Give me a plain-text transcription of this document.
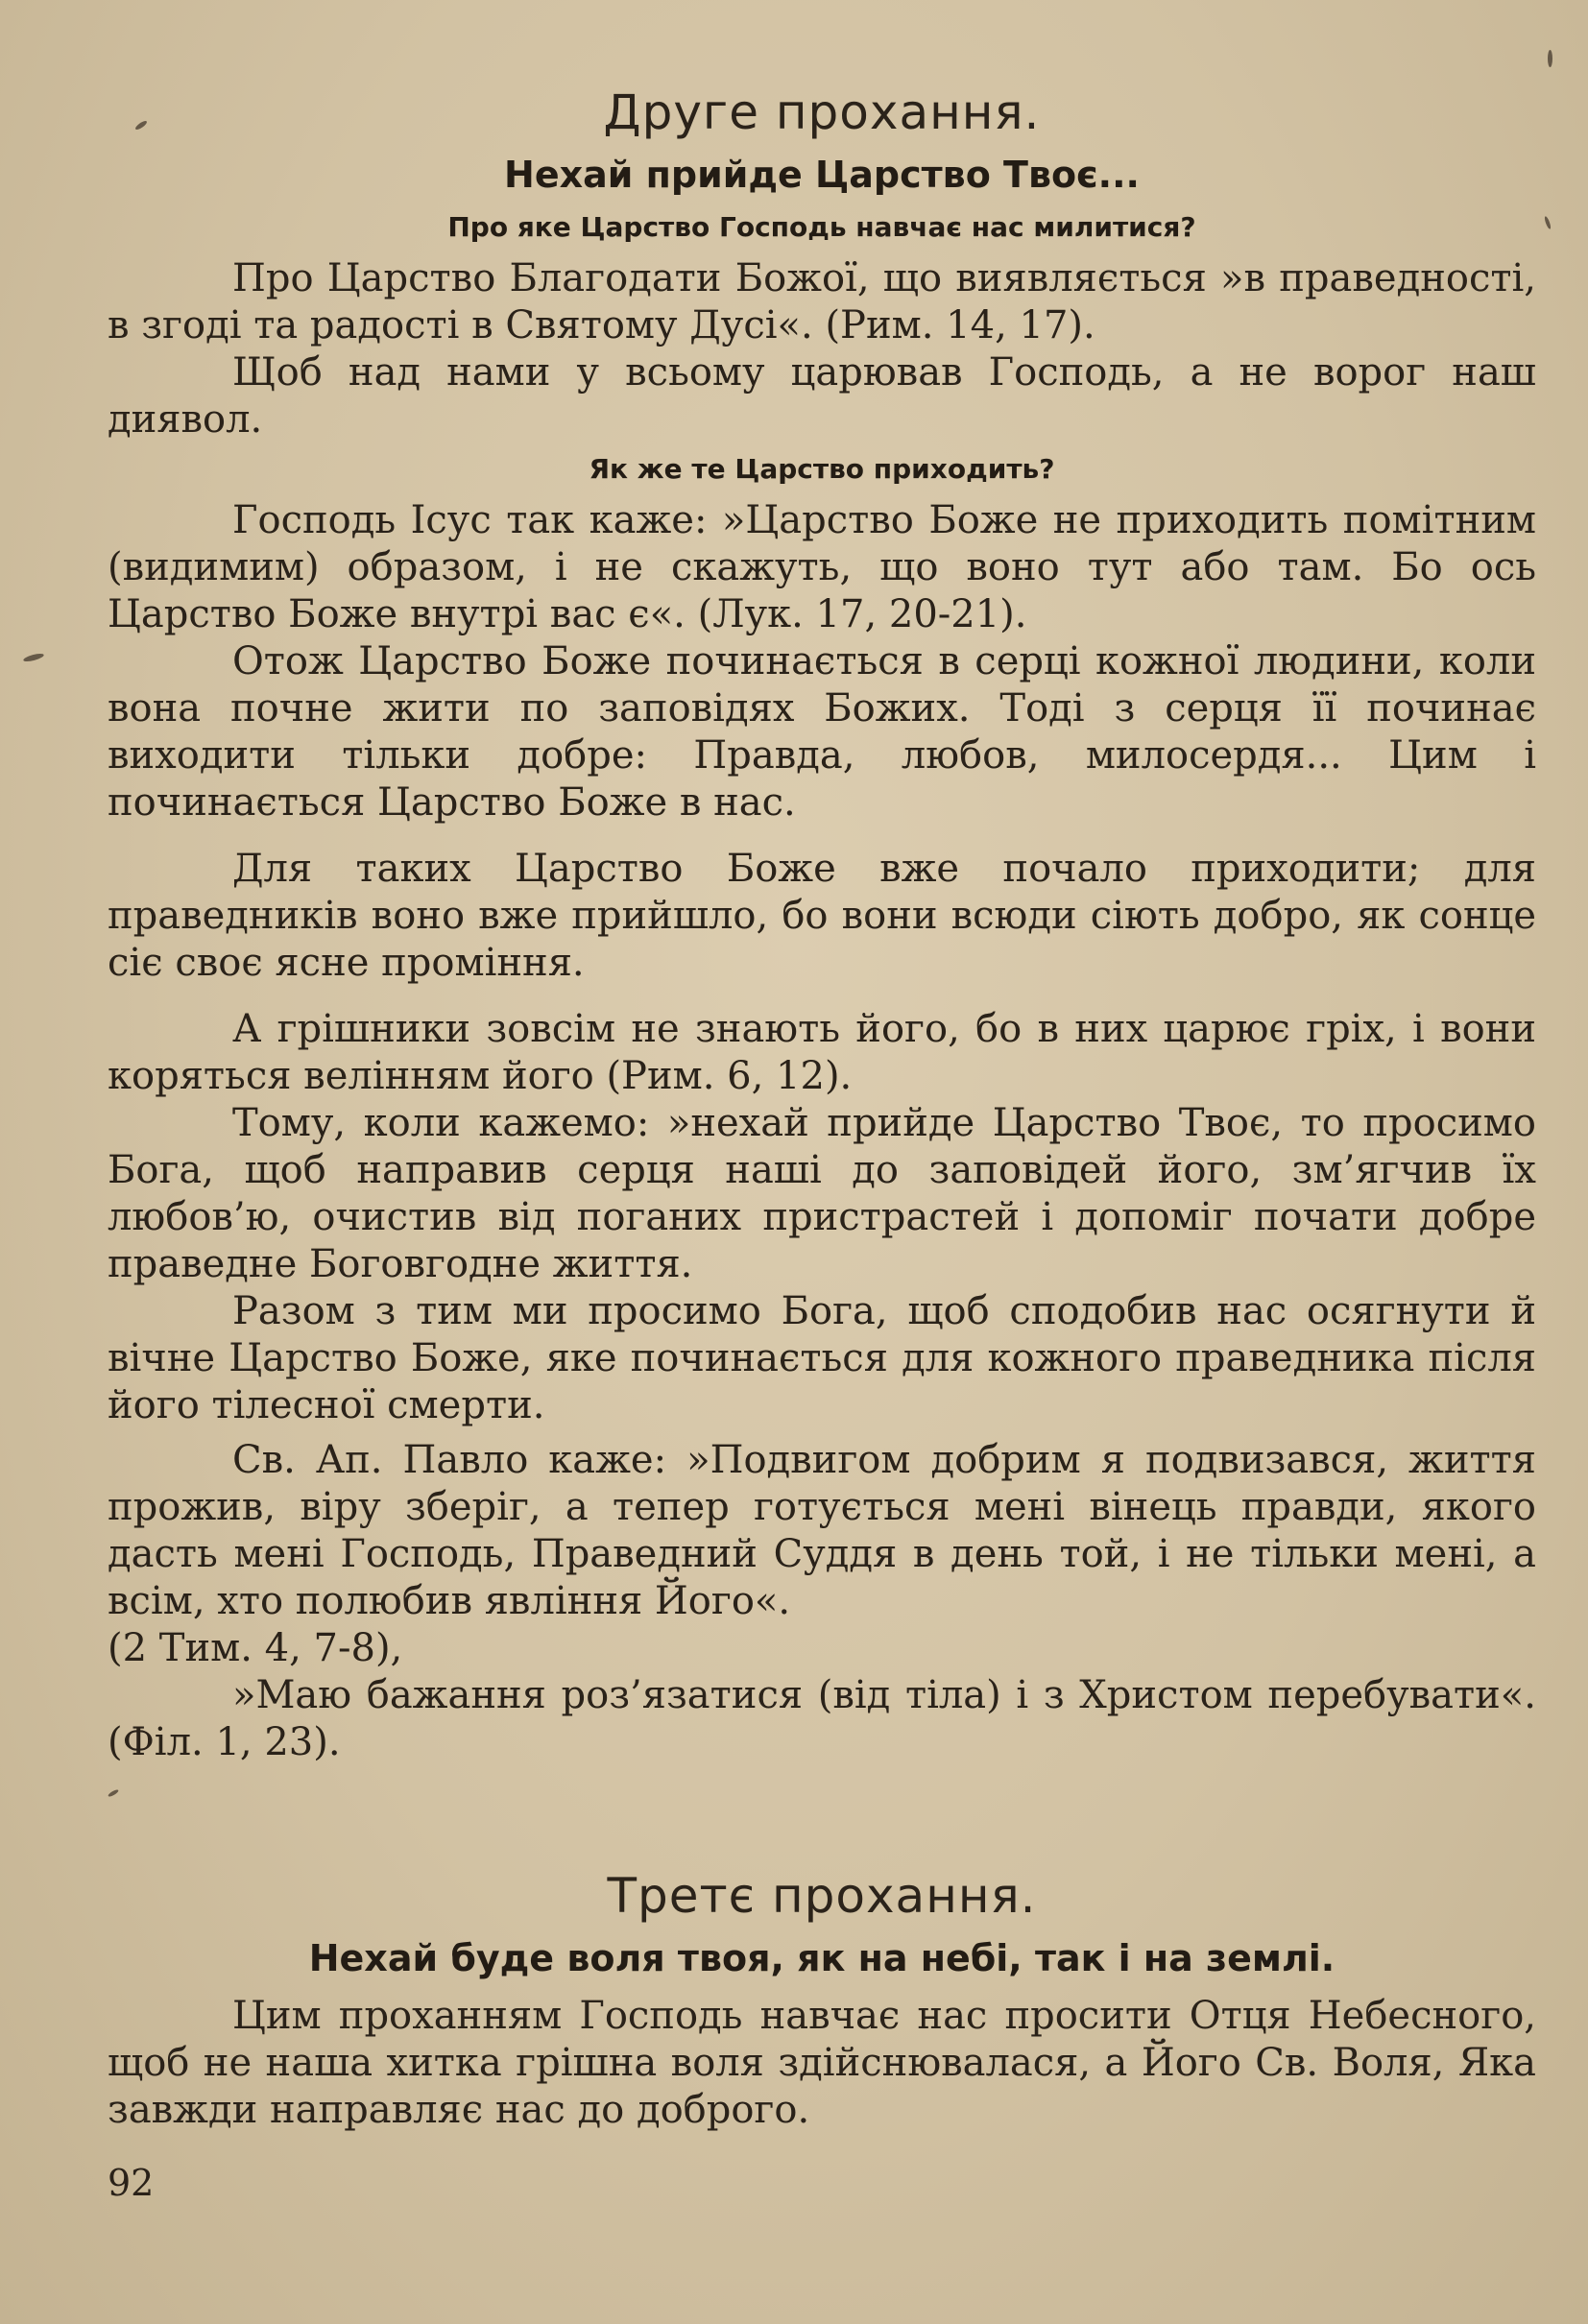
Друге прохання.
Нехай прийде Царство Твоє...
Про яке Царство Господь навчає нас милитися?

Про Царство Благодати Божої, що виявляється »в праведності, в згоді та радості в Святому Дусі«. (Рим. 14, 17).

Щоб над нами у всьому царював Господь, а не ворог наш диявол.

Як же те Царство приходить?

Господь Ісус так каже: »Царство Боже не приходить помітним (видимим) образом, і не скажуть, що воно тут або там. Бо ось Царство Боже внутрі вас є«. (Лук. 17, 20-21).

Отож Царство Боже починається в серці кожної людини, коли вона почне жити по заповідях Божих. Тоді з серця її починає виходити тільки добре: Правда, любов, милосердя... Цим і починається Царство Боже в нас.

Для таких Царство Боже вже почало приходити; для праведників воно вже прийшло, бо вони всюди сіють добро, як сонце сіє своє ясне проміння.

А грішники зовсім не знають його, бо в них царює гріх, і вони коряться велінням його (Рим. 6, 12).

Тому, коли кажемо: »нехай прийде Царство Твоє, то просимо Бога, щоб направив серця наші до заповідей його, зм’ягчив їх любов’ю, очистив від поганих пристрастей і допоміг почати добре праведне Боговгодне життя.

Разом з тим ми просимо Бога, щоб сподобив нас осягнути й вічне Царство Боже, яке починається для кожного праведника після його тілесної смерти.

Св. Ап. Павло каже: »Подвигом добрим я подвизався, життя прожив, віру зберіг, а тепер готується мені вінець правди, якого дасть мені Господь, Праведний Суддя в день той, і не тільки мені, а всім, хто полюбив явління Його«.

(2 Тим. 4, 7-8),

»Маю бажання роз’язатися (від тіла) і з Христом перебувати«. (Філ. 1, 23).

Третє прохання.
Нехай буде воля твоя, як на небі, так і на землі.

Цим проханням Господь навчає нас просити Отця Небесного, щоб не наша хитка грішна воля здійснювалася, а Його Св. Воля, Яка завжди направляє нас до доброго.

92
